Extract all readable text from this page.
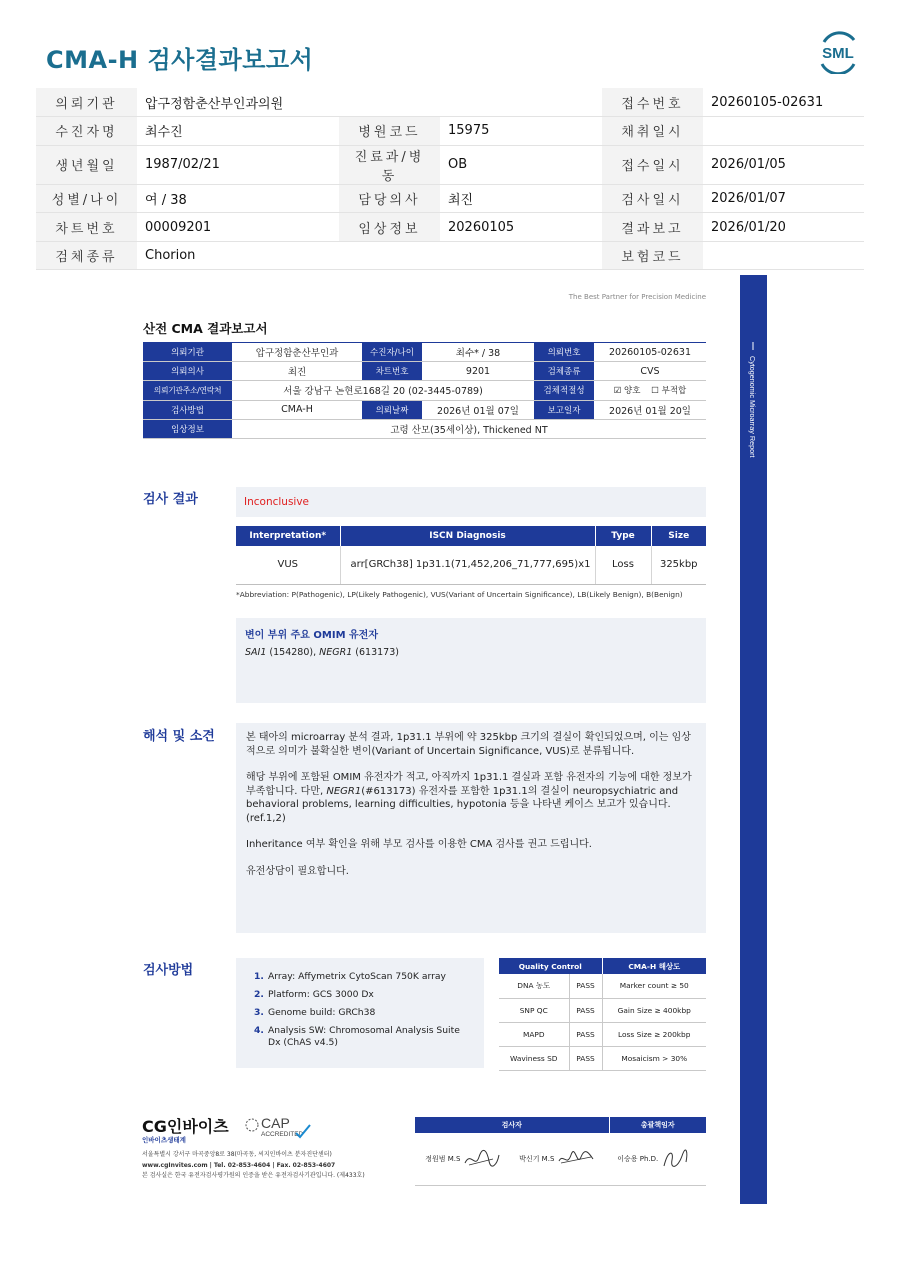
CMA-H 검사결과보고서	SML
의뢰기관	압구정함춘산부인과의원			접수번호	20260105-02631
수진자명	최수진	병원코드	15975	채취일시	
생년월일	1987/02/21	진료과/병동	OB	접수일시	2026/01/05
성별/나이	여 / 38	담당의사	최진	검사일시	2026/01/07
차트번호	00009201	임상정보	20260105	결과보고	2026/01/20
검체종류	Chorion			보험코드	
The Best Partner for Precision Medicine
Cytogenomic Microarray Report
산전 CMA 결과보고서
의뢰기관	압구정함춘산부인과	수진자/나이	최수* / 38	의뢰번호	20260105-02631
의뢰의사	최진	차트번호	9201	검체종류	CVS
의뢰기관주소/연락처	서울 강남구 논현로168길 20 (02-3445-0789)			검체적절성	☑ 양호 ☐ 부적합
검사방법	CMA-H	의뢰날짜	2026년 01월 07일	보고일자	2026년 01월 20일
임상정보	고령 산모(35세이상), Thickened NT				
검사 결과	Inconclusive
Interpretation*	ISCN Diagnosis	Type	Size
VUS	arr[GRCh38] 1p31.1(71,452,206_71,777,695)x1	Loss	325kbp
*Abbreviation: P(Pathogenic), LP(Likely Pathogenic), VUS(Variant of Uncertain Significance), LB(Likely Benign), B(Benign)
변이 부위 주요 OMIM 유전자
SAI1 (154280), NEGR1 (613173)
해석 및 소견	본 태아의 microarray 분석 결과, 1p31.1 부위에 약 325kbp 크기의 결실이 확인되었으며, 이는 임상적으로 의미가 불확실한 변이(Variant of Uncertain Significance, VUS)로 분류됩니다.

해당 부위에 포함된 OMIM 유전자가 적고, 아직까지 1p31.1 결실과 포함 유전자의 기능에 대한 정보가 부족합니다. 다만, NEGR1(#613173) 유전자를 포함한 1p31.1의 결실이 neuropsychiatric and behavioral problems, learning difficulties, hypotonia 등을 나타낸 케이스 보고가 있습니다. (ref.1,2)

Inheritance 여부 확인을 위해 부모 검사를 이용한 CMA 검사를 권고 드립니다.

유전상담이 필요합니다.

검사방법	1. Array: Affymetrix CytoScan 750K array
2. Platform: GCS 3000 Dx
3. Genome build: GRCh38
4. Analysis SW: Chromosomal Analysis Suite Dx (ChAS v4.5)
Quality Control		CMA-H 해상도
DNA 농도	PASS	Marker count ≥ 50
SNP QC	PASS	Gain Size ≥ 400kbp
MAPD	PASS	Loss Size ≥ 200kbp
Waviness SD	PASS	Mosaicism > 30%
CG인바이츠
인바이츠생태계
CAP
ACCREDITED
서울특별시 강서구 마곡중앙8로 38(마곡동, 씨지인바이츠 분자진단센터)
www.cgInvites.com | Tel. 02-853-4604 | Fax. 02-853-4607
본 검사실은 한국 유전자검사평가원의 인증을 받은 유전자검사기관입니다. (제433호)
검사자	총괄책임자
정원범 M.S 박신기 M.S	이승용 Ph.D.
